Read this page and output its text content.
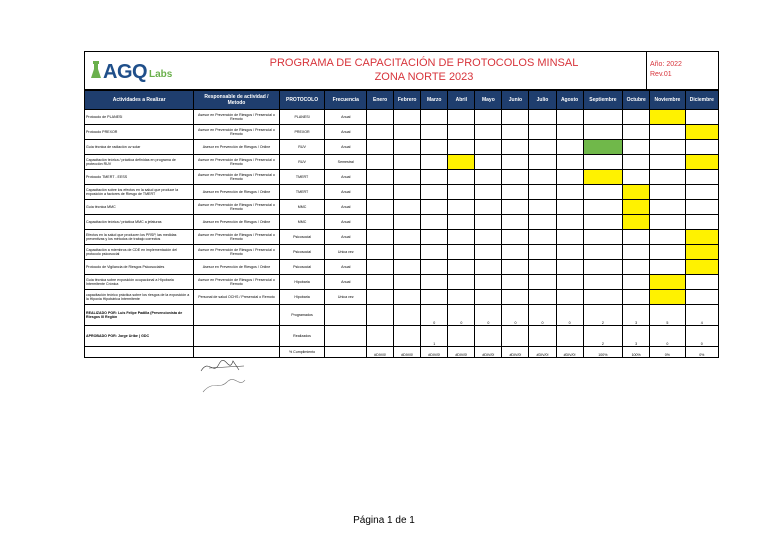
AGQ Labs
PROGRAMA DE CAPACITACIÓN DE PROTOCOLOS MINSAL
ZONA NORTE 2023
Año: 2022
Rev.01
Actividades a Realizar	Responsable de actividad / Metodo	PROTOCOLO	Frecuencia	Enero	Febrero	Marzo	Abril	Mayo	Junio	Julio	Agosto	Septiembre	Octubre	Noviembre	Diciembre
Protocolo de PLANESI	Asesor en Prevención de Riesgos / Presencial o Remoto	PLANESI	Anual												
Protocolo PREXOR	Asesor en Prevención de Riesgos / Presencial o Remoto	PREXOR	Anual												
Guía técnica de radiación uv solar	Asesor en Prevención de Riesgos / Online	RUV	Anual												
Capacitación teórica / práctica definidas en programa de protección RUV	Asesor en Prevención de Riesgos / Presencial o Remoto	RUV	Semestral												
Protocolo TMERT - EESS	Asesor en Prevención de Riesgos / Presencial o Remoto	TMERT	Anual												
Capacitación sobre los efectos en la salud que produce la exposición a factores de Riesgo de TMERT	Asesor en Prevención de Riesgos / Online	TMERT	Anual												
Guía técnica MMC	Asesor en Prevención de Riesgos / Presencial o Remoto	MMC	Anual												
Capacitación teórica / práctica MMC a jefaturas	Asesor en Prevención de Riesgos / Online	MMC	Anual												
Efectos en la salud que producen los PRSP, las medidas preventivas y los métodos de trabajo correctos	Asesor en Prevención de Riesgos / Presencial o Remoto	Psicosocial	Anual												
Capacitación a miembros de CDE en implementación del protocolo psicosocial	Asesor en Prevención de Riesgos / Presencial o Remoto	Psicosocial	Unica vez												
Protocolo de Vigilancia de Riesgos Psicosociales	Asesor en Prevención de Riesgos / Online	Psicosocial	Anual												
Guía técnica sobre exposición ocupacional a Hipobaria Intermitente Crónica	Asesor en Prevención de Riesgos / Presencial o Remoto	Hipobaria	Anual												
capacitación teórico práctica sobre los riesgos de la exposición a la Hipoxia Hipobárica Intermitente	Personal de salud OCHS / Presencial o Remoto	Hipobaria	Unica vez												
REALIZADO POR: Luis Felipe Padilla (Prevencionista de Riesgos III Región		Programados				0	0	0	0	0	0	2	3	5	4
APROBADO POR: Jorge Uribe ( GDC		Realizados				1						2	3	0	0
		% Cumplimiento		#DIV/0!	#DIV/0!	#DIV/0!	#DIV/0!	#DIV/0!	#DIV/0!	#DIV/0!	#DIV/0!	100%	100%	0%	0%
Página 1 de 1
